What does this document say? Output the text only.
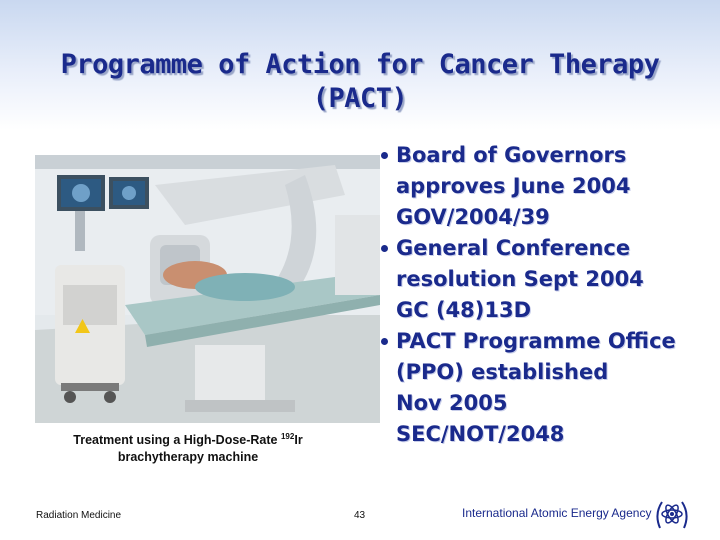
Programme of Action for Cancer Therapy
(PACT)
Treatment using a High-Dose-Rate $^{192}$Ir
brachytherapy machine
Board of Governors
approves June 2004
GOV/2004/39
General Conference
resolution Sept 2004
GC (48)13D
PACT Programme Office
(PPO) established
Nov 2005
SEC/NOT/2048
Radiation Medicine	43	International Atomic Energy Agency
